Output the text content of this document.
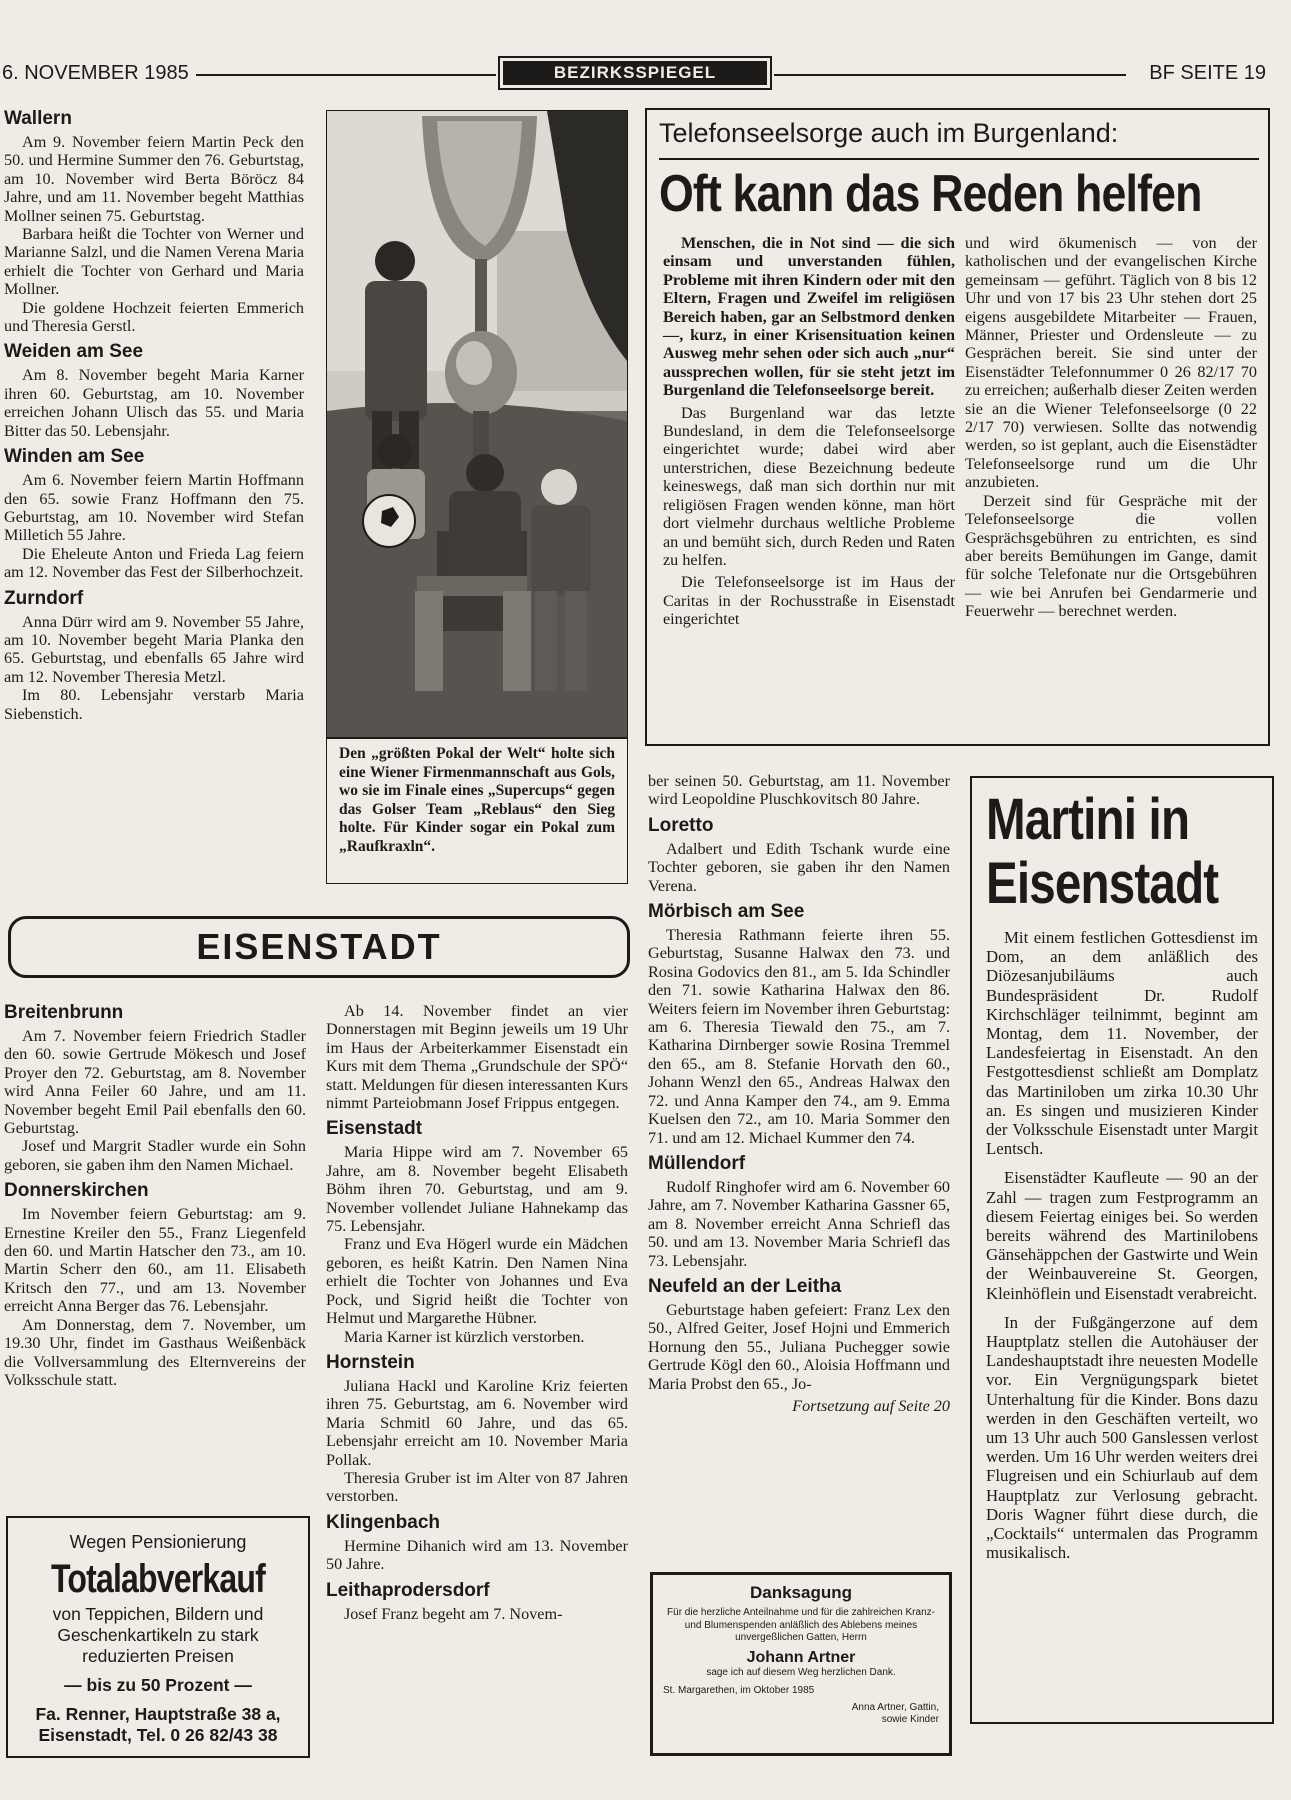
6. NOVEMBER 1985	BEZIRKSSPIEGEL	BF SEITE 19
Wallern

Am 9. November feiern Martin Peck den 50. und Hermine Summer den 76. Geburtstag, am 10. November wird Berta Böröcz 84 Jahre, und am 11. November begeht Matthias Mollner seinen 75. Geburtstag.

Barbara heißt die Tochter von Werner und Marianne Salzl, und die Namen Verena Maria erhielt die Tochter von Gerhard und Maria Mollner.

Die goldene Hochzeit feierten Emmerich und Theresia Gerstl.

Weiden am See

Am 8. November begeht Maria Karner ihren 60. Geburtstag, am 10. November erreichen Johann Ulisch das 55. und Maria Bitter das 50. Lebensjahr.

Winden am See

Am 6. November feiern Martin Hoffmann den 65. sowie Franz Hoffmann den 75. Geburtstag, am 10. November wird Stefan Milletich 55 Jahre.

Die Eheleute Anton und Frieda Lag feiern am 12. November das Fest der Silberhochzeit.

Zurndorf

Anna Dürr wird am 9. November 55 Jahre, am 10. November begeht Maria Planka den 65. Geburtstag, und ebenfalls 65 Jahre wird am 12. November Theresia Metzl.

Im 80. Lebensjahr verstarb Maria Siebenstich.

Den „größten Pokal der Welt“ holte sich eine Wiener Firmenmannschaft aus Gols, wo sie im Finale eines „Supercups“ gegen das Golser Team „Reblaus“ den Sieg holte. Für Kinder sogar ein Pokal zum „Raufkraxln“.
Telefonseelsorge auch im Burgenland:
Oft kann das Reden helfen

Menschen, die in Not sind — die sich einsam und unverstanden fühlen, Probleme mit ihren Kindern oder mit den Eltern, Fragen und Zweifel im religiösen Bereich haben, gar an Selbstmord denken —, kurz, in einer Krisensituation keinen Ausweg mehr sehen oder sich auch „nur“ aussprechen wollen, für sie steht jetzt im Burgenland die Telefonseelsorge bereit.

Das Burgenland war das letzte Bundesland, in dem die Telefonseelsorge eingerichtet wurde; dabei wird aber unterstrichen, diese Bezeichnung bedeute keineswegs, daß man sich dorthin nur mit religiösen Fragen wenden könne, man hört dort vielmehr durchaus weltliche Probleme an und bemüht sich, durch Reden und Raten zu helfen.

Die Telefonseelsorge ist im Haus der Caritas in der Rochusstraße in Eisenstadt eingerichtet

und wird ökumenisch — von der katholischen und der evangelischen Kirche gemeinsam — geführt. Täglich von 8 bis 12 Uhr und von 17 bis 23 Uhr stehen dort 25 eigens ausgebildete Mitarbeiter — Frauen, Männer, Priester und Ordensleute — zu Gesprächen bereit. Sie sind unter der Eisenstädter Telefonnummer 0 26 82/17 70 zu erreichen; außerhalb dieser Zeiten werden sie an die Wiener Telefonseelsorge (0 22 2/17 70) verwiesen. Sollte das notwendig werden, so ist geplant, auch die Eisenstädter Telefonseelsorge rund um die Uhr anzubieten.

Derzeit sind für Gespräche mit der Telefonseelsorge die vollen Gesprächsgebühren zu entrichten, es sind aber bereits Bemühungen im Gange, damit für solche Telefonate nur die Ortsgebühren — wie bei Anrufen bei Gendarmerie und Feuerwehr — berechnet werden.

EISENSTADT
Breitenbrunn

Am 7. November feiern Friedrich Stadler den 60. sowie Gertrude Mökesch und Josef Proyer den 72. Geburtstag, am 8. November wird Anna Feiler 60 Jahre, und am 11. November begeht Emil Pail ebenfalls den 60. Geburtstag.

Josef und Margrit Stadler wurde ein Sohn geboren, sie gaben ihm den Namen Michael.

Donnerskirchen

Im November feiern Geburtstag: am 9. Ernestine Kreiler den 55., Franz Liegenfeld den 60. und Martin Hatscher den 73., am 10. Martin Scherr den 60., am 11. Elisabeth Kritsch den 77., und am 13. November erreicht Anna Berger das 76. Lebensjahr.

Am Donnerstag, dem 7. November, um 19.30 Uhr, findet im Gasthaus Weißenbäck die Vollversammlung des Elternvereins der Volksschule statt.

Wegen Pensionierung
Totalabverkauf
von Teppichen, Bildern und Geschenkartikeln zu stark reduzierten Preisen
— bis zu 50 Prozent —
Fa. Renner, Hauptstraße 38 a,
Eisenstadt, Tel. 0 26 82/43 38

Ab 14. November findet an vier Donnerstagen mit Beginn jeweils um 19 Uhr im Haus der Arbeiterkammer Eisenstadt ein Kurs mit dem Thema „Grundschule der SPÖ“ statt. Meldungen für diesen interessanten Kurs nimmt Parteiobmann Josef Frippus entgegen.

Eisenstadt

Maria Hippe wird am 7. November 65 Jahre, am 8. November begeht Elisabeth Böhm ihren 70. Geburtstag, und am 9. November vollendet Juliane Hahnekamp das 75. Lebensjahr.

Franz und Eva Högerl wurde ein Mädchen geboren, es heißt Katrin. Den Namen Nina erhielt die Tochter von Johannes und Eva Pock, und Sigrid heißt die Tochter von Helmut und Margarethe Hübner.

Maria Karner ist kürzlich verstorben.

Hornstein

Juliana Hackl und Karoline Kriz feierten ihren 75. Geburtstag, am 6. November wird Maria Schmitl 60 Jahre, und das 65. Lebensjahr erreicht am 10. November Maria Pollak.

Theresia Gruber ist im Alter von 87 Jahren verstorben.

Klingenbach

Hermine Dihanich wird am 13. November 50 Jahre.

Leithaprodersdorf

Josef Franz begeht am 7. Novem-

ber seinen 50. Geburtstag, am 11. November wird Leopoldine Pluschkovitsch 80 Jahre.

Loretto

Adalbert und Edith Tschank wurde eine Tochter geboren, sie gaben ihr den Namen Verena.

Mörbisch am See

Theresia Rathmann feierte ihren 55. Geburtstag, Susanne Halwax den 73. und Rosina Godovics den 81., am 5. Ida Schindler den 71. sowie Katharina Halwax den 86. Weiters feiern im November ihren Geburtstag: am 6. Theresia Tiewald den 75., am 7. Katharina Dirnberger sowie Rosina Tremmel den 65., am 8. Stefanie Horvath den 60., Johann Wenzl den 65., Andreas Halwax den 72. und Anna Kamper den 74., am 9. Emma Kuelsen den 72., am 10. Maria Sommer den 71. und am 12. Michael Kummer den 74.

Müllendorf

Rudolf Ringhofer wird am 6. November 60 Jahre, am 7. November Katharina Gassner 65, am 8. November erreicht Anna Schriefl das 50. und am 13. November Maria Schriefl das 73. Lebensjahr.

Neufeld an der Leitha

Geburtstage haben gefeiert: Franz Lex den 50., Alfred Geiter, Josef Hojni und Emmerich Hornung den 55., Juliana Puchegger sowie Gertrude Kögl den 60., Aloisia Hoffmann und Maria Probst den 65., Jo-

Fortsetzung auf Seite 20

Danksagung
Für die herzliche Anteilnahme und für die zahlreichen Kranz- und Blumenspenden anläßlich des Ablebens meines unvergeßlichen Gatten, Herrn
Johann Artner
sage ich auf diesem Weg herzlichen Dank.
St. Margarethen, im Oktober 1985
Anna Artner, Gattin,
sowie Kinder
Martini in
Eisenstadt

Mit einem festlichen Gottesdienst im Dom, an dem anläßlich des Diözesanjubiläums auch Bundespräsident Dr. Rudolf Kirchschläger teilnimmt, beginnt am Montag, dem 11. November, der Landesfeiertag in Eisenstadt. An den Festgottesdienst schließt am Domplatz das Martiniloben um zirka 10.30 Uhr an. Es singen und musizieren Kinder der Volksschule Eisenstadt unter Margit Lentsch.

Eisenstädter Kaufleute — 90 an der Zahl — tragen zum Festprogramm an diesem Feiertag einiges bei. So werden bereits während des Martinilobens Gänsehäppchen der Gastwirte und Wein der Weinbauvereine St. Georgen, Kleinhöflein und Eisenstadt verabreicht.

In der Fußgängerzone auf dem Hauptplatz stellen die Autohäuser der Landeshauptstadt ihre neuesten Modelle vor. Ein Vergnügungspark bietet Unterhaltung für die Kinder. Bons dazu werden in den Geschäften verteilt, wo um 13 Uhr auch 500 Ganslessen verlost werden. Um 16 Uhr werden weiters drei Flugreisen und ein Schiurlaub auf dem Hauptplatz zur Verlosung gebracht. Doris Wagner führt diese durch, die „Cocktails“ untermalen das Programm musikalisch.
